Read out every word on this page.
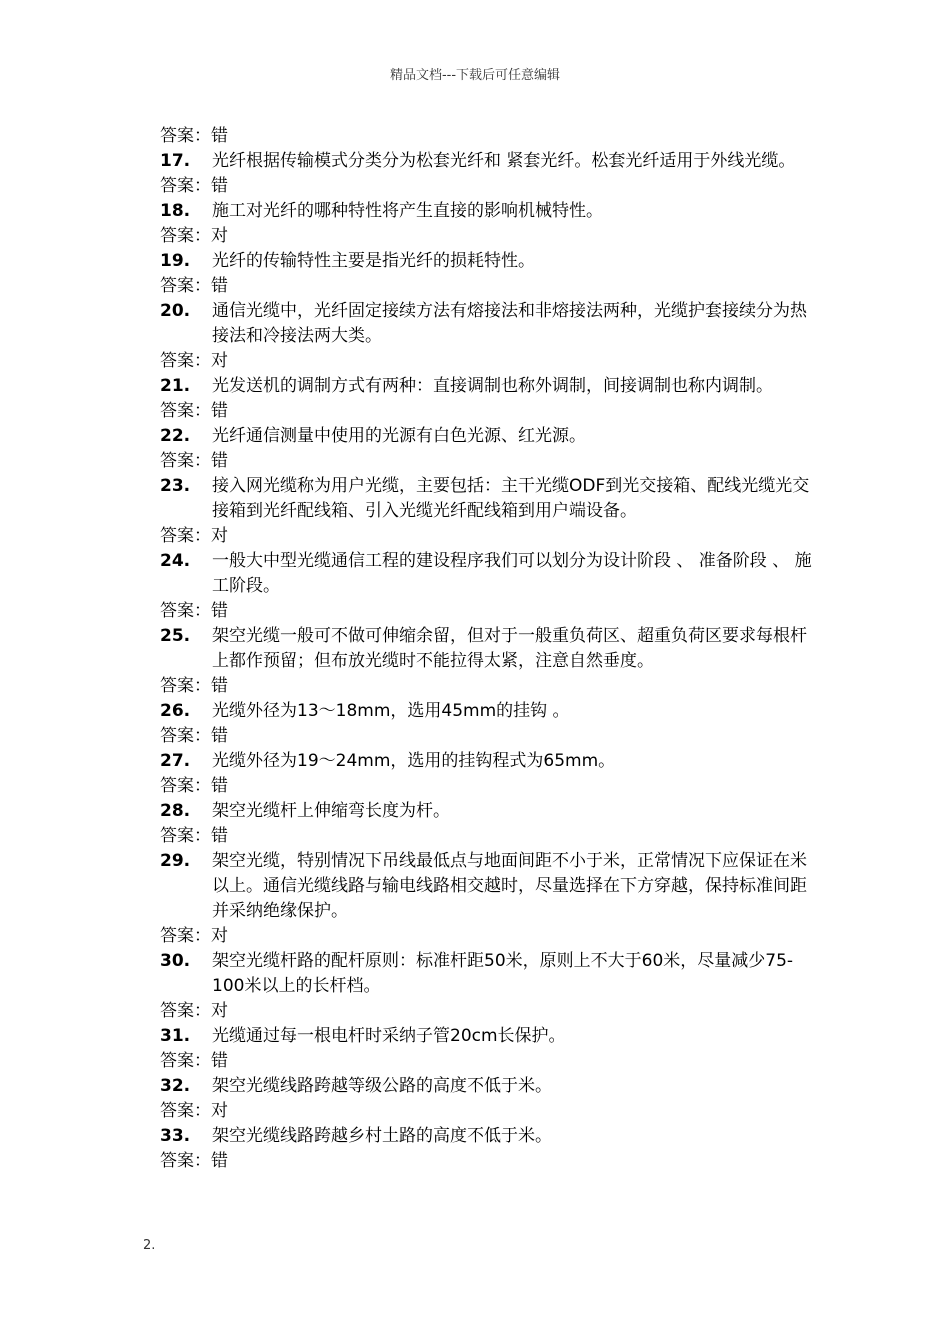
精品文档---下载后可任意编辑
答案：错
17.	光纤根据传输模式分类分为松套光纤和 紧套光纤。松套光纤适用于外线光缆。
答案：错
18.	施工对光纤的哪种特性将产生直接的影响机械特性。
答案：对
19.	光纤的传输特性主要是指光纤的损耗特性。
答案：错
20.	通信光缆中，光纤固定接续方法有熔接法和非熔接法两种，光缆护套接续分为热接法和冷接法两大类。
答案：对
21.	光发送机的调制方式有两种：直接调制也称外调制，间接调制也称内调制。
答案：错
22.	光纤通信测量中使用的光源有白色光源、红光源。
答案：错
23.	接入网光缆称为用户光缆，主要包括：主干光缆ODF到光交接箱、配线光缆光交接箱到光纤配线箱、引入光缆光纤配线箱到用户端设备。
答案：对
24.	一般大中型光缆通信工程的建设程序我们可以划分为设计阶段 、 准备阶段 、 施工阶段。
答案：错
25.	架空光缆一般可不做可伸缩余留，但对于一般重负荷区、超重负荷区要求每根杆上都作预留；但布放光缆时不能拉得太紧，注意自然垂度。
答案：错
26.	光缆外径为13～18mm，选用45mm的挂钩 。
答案：错
27.	光缆外径为19～24mm，选用的挂钩程式为65mm。
答案：错
28.	架空光缆杆上伸缩弯长度为杆。
答案：错
29.	架空光缆，特别情况下吊线最低点与地面间距不小于米，正常情况下应保证在米以上。通信光缆线路与输电线路相交越时，尽量选择在下方穿越，保持标准间距并采纳绝缘保护。
答案：对
30.	架空光缆杆路的配杆原则：标准杆距50米，原则上不大于60米，尽量减少75-100米以上的长杆档。
答案：对
31.	光缆通过每一根电杆时采纳子管20cm长保护。
答案：错
32.	架空光缆线路跨越等级公路的高度不低于米。
答案：对
33.	架空光缆线路跨越乡村土路的高度不低于米。
答案：错
2.
